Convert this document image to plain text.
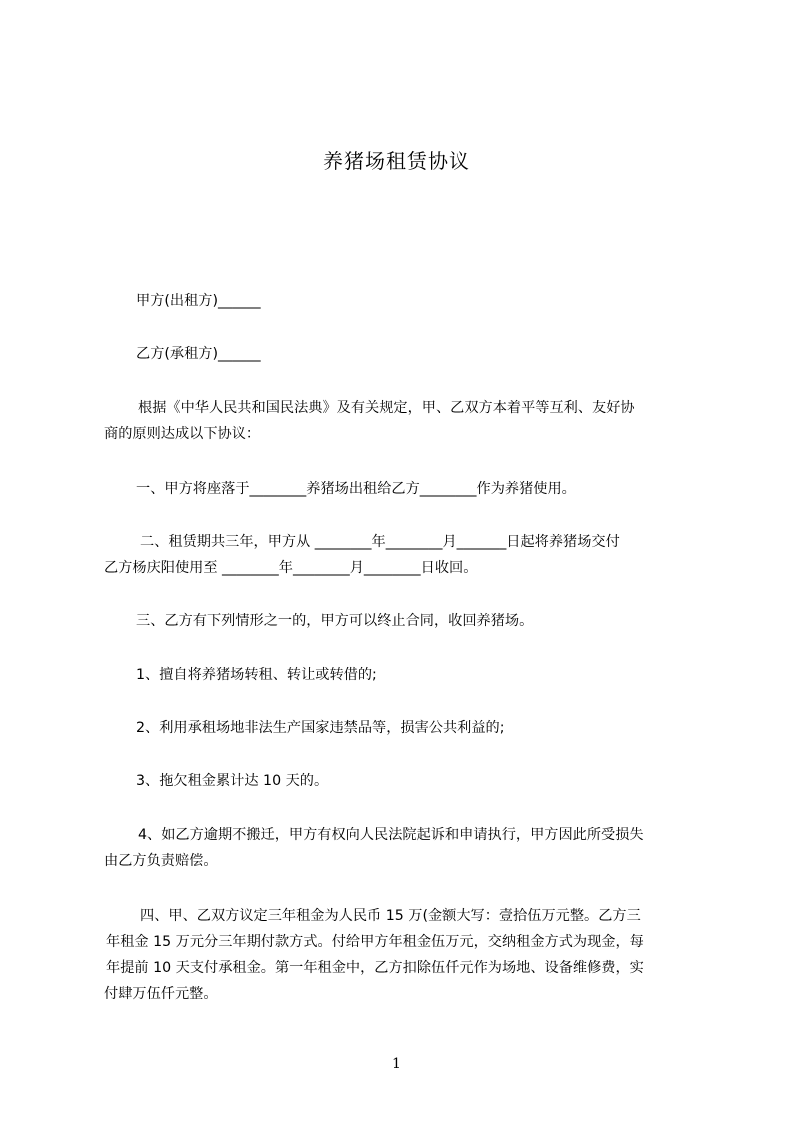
养猪场租赁协议
甲方(出租方)______
乙方(承租方)______
根据《中华人民共和国民法典》及有关规定，甲、乙双方本着平等互利、友好协
商的原则达成以下协议：
一、甲方将座落于________养猪场出租给乙方________作为养猪使用。
二、租赁期共三年，甲方从 ________年________月_______日起将养猪场交付
乙方杨庆阳使用至 ________年________月________日收回。
三、乙方有下列情形之一的，甲方可以终止合同，收回养猪场。
1、擅自将养猪场转租、转让或转借的;
2、利用承租场地非法生产国家违禁品等，损害公共利益的;
3、拖欠租金累计达 10 天的。
4、如乙方逾期不搬迁，甲方有权向人民法院起诉和申请执行，甲方因此所受损失
由乙方负责赔偿。
四、甲、乙双方议定三年租金为人民币 15 万(金额大写：壹拾伍万元整。乙方三
年租金 15 万元分三年期付款方式。付给甲方年租金伍万元，交纳租金方式为现金，每
年提前 10 天支付承租金。第一年租金中，乙方扣除伍仟元作为场地、设备维修费，实
付肆万伍仟元整。
1
